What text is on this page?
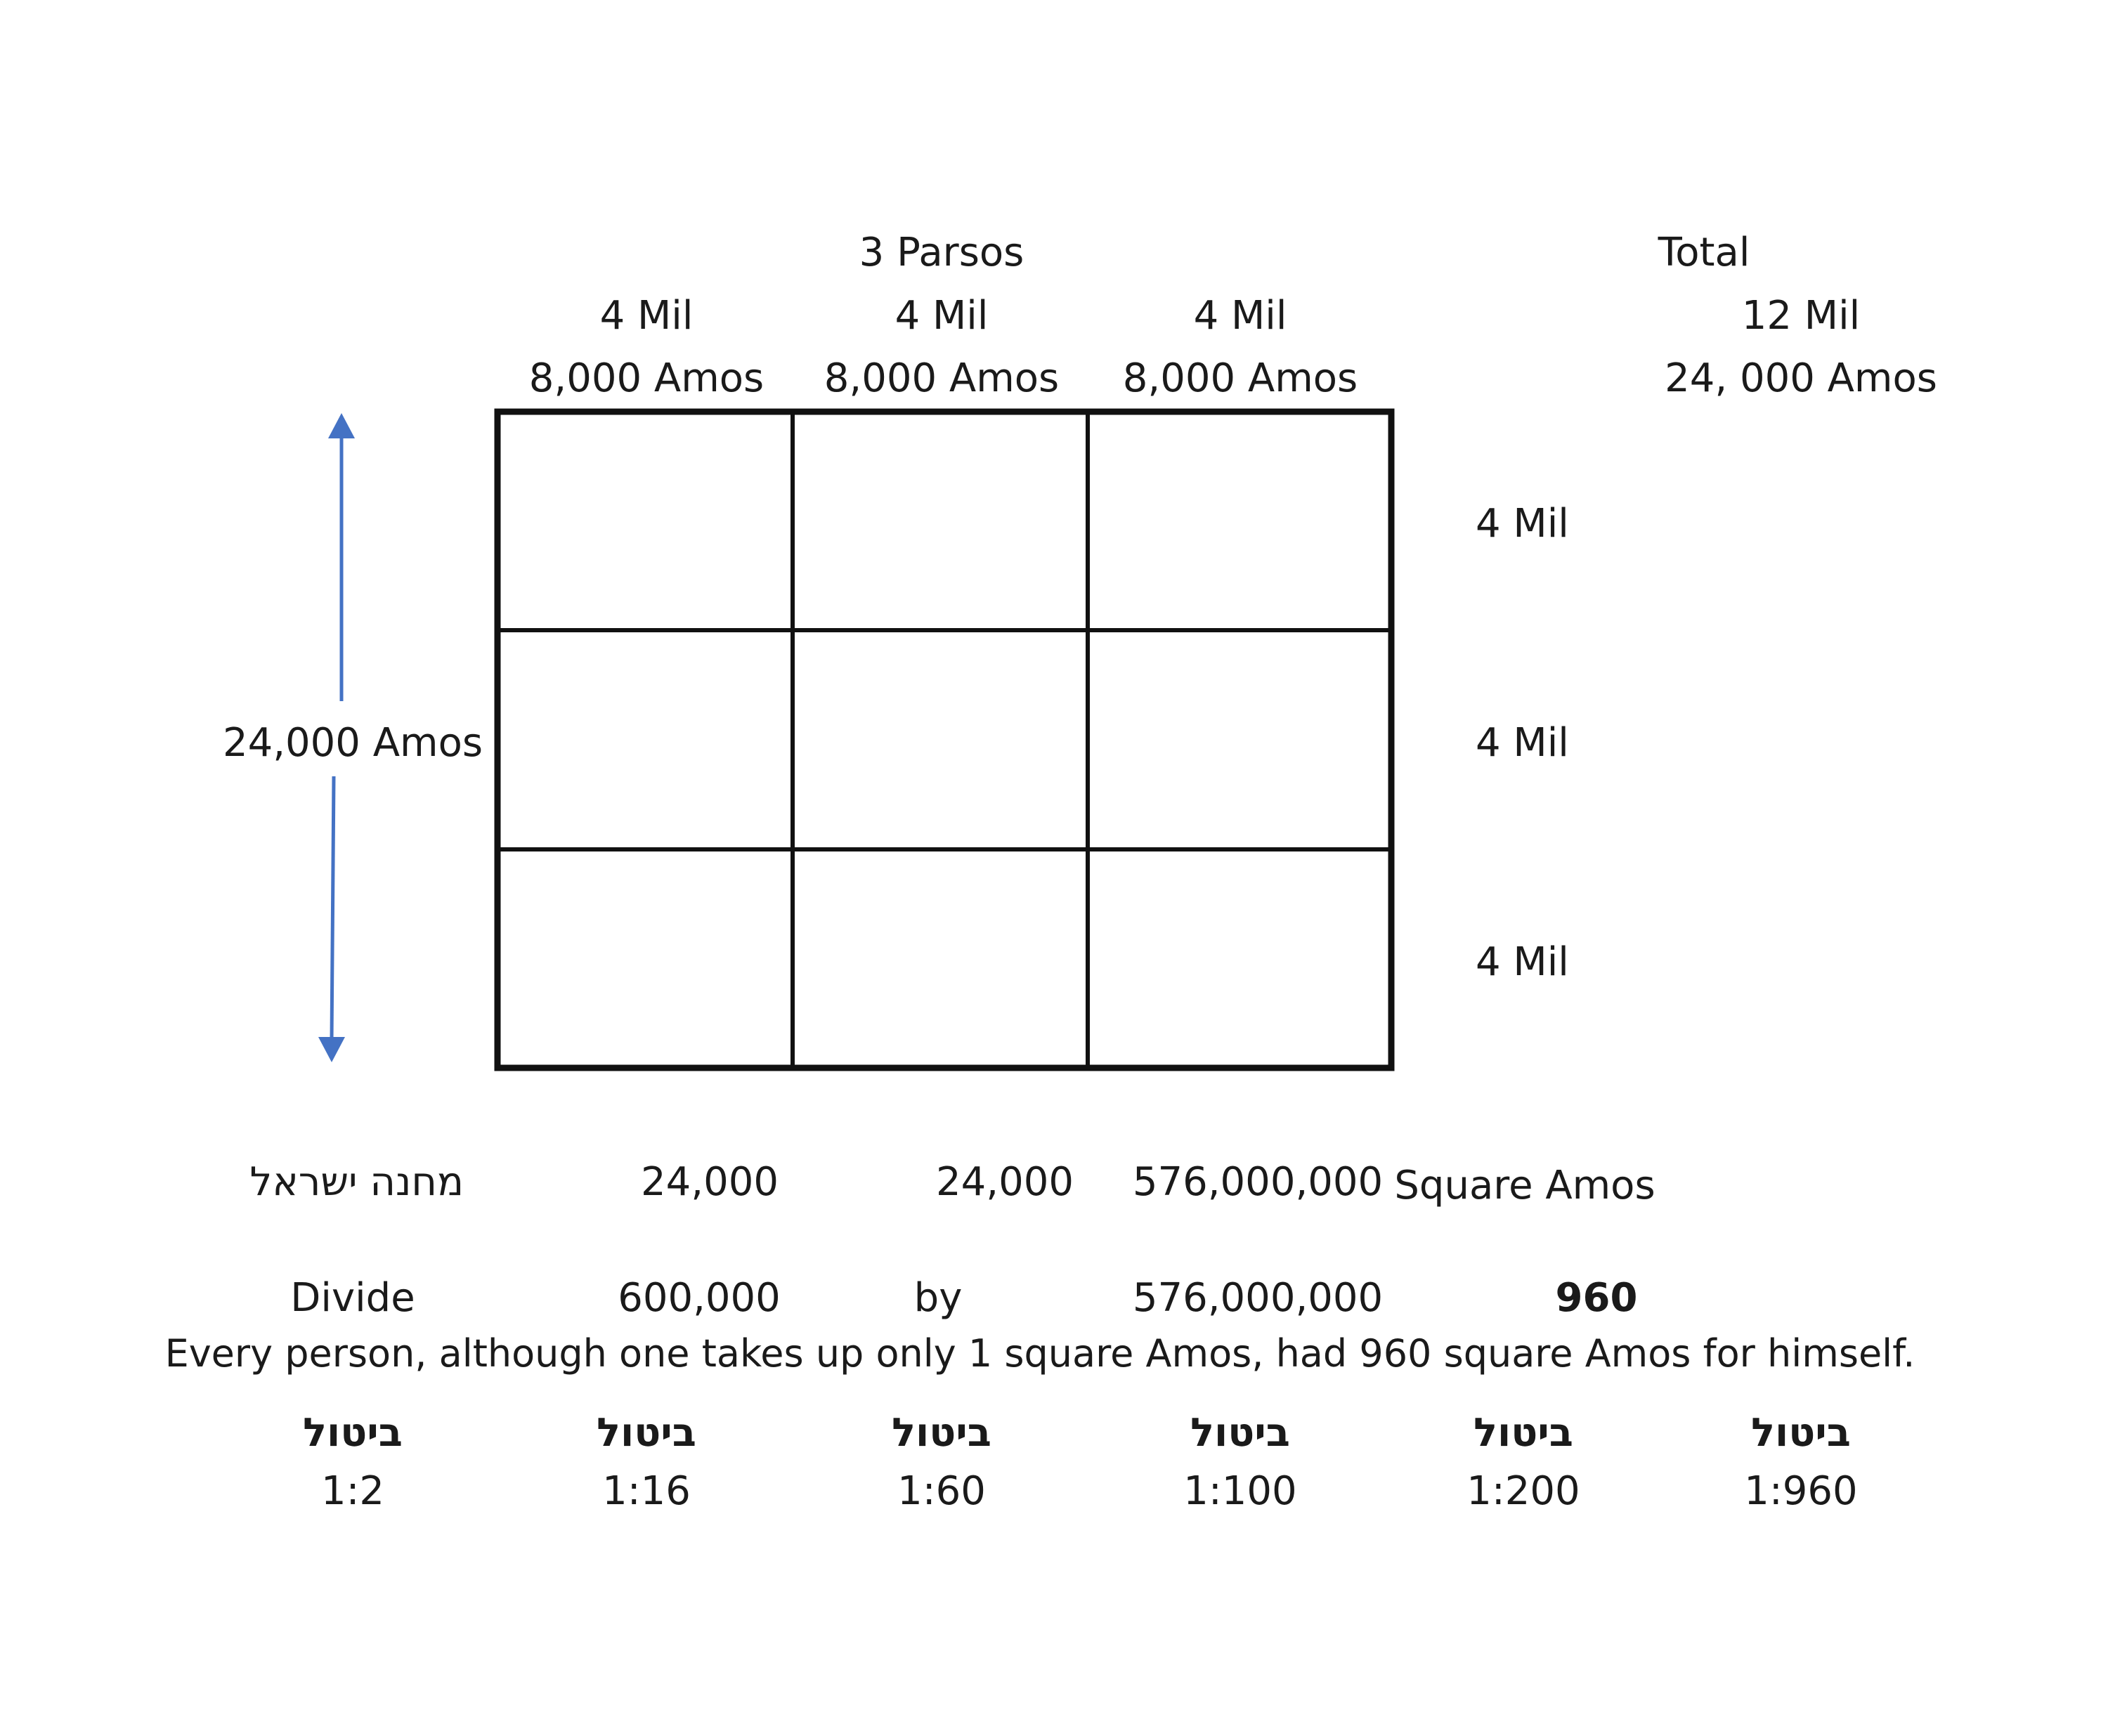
3 Parsos	Total
4 Mil	4 Mil	4 Mil	12 Mil
8,000 Amos 8,000 Amos 8,000 Amos	24, 000 Amos
24,000 Amos
4 Mil
4 Mil
4 Mil
מחנה ישראל	24,000	24,000 576,000,000 Square Amos
Divide	600,000	by	576,000,000	960
Every person, although one takes up only 1 square Amos, had 960 square Amos for himself.
ביטול	ביטול	ביטול	ביטול	ביטול	ביטול
1:2	1:16	1:60	1:100	1:200	1:960
